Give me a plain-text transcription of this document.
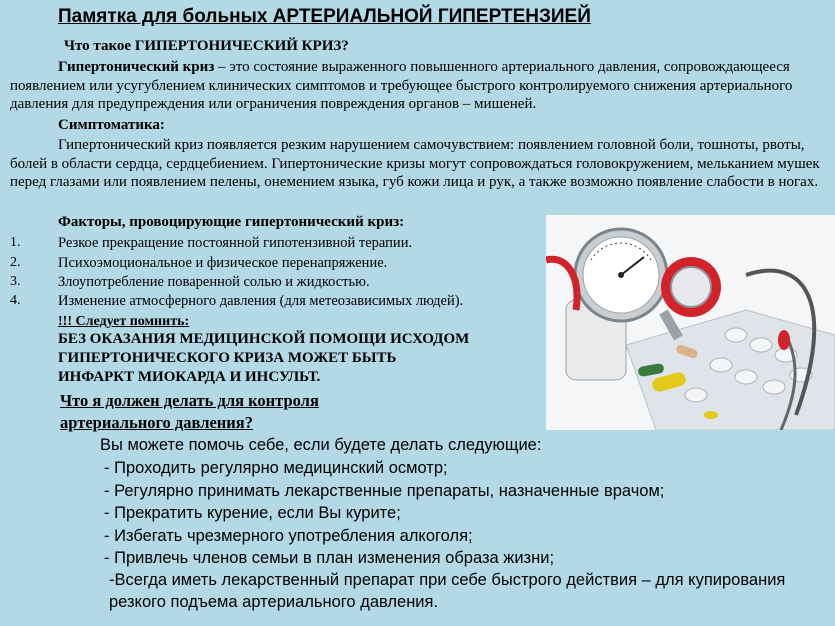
Памятка для больных АРТЕРИАЛЬНОЙ ГИПЕРТЕНЗИЕЙ
Что такое ГИПЕРТОНИЧЕСКИЙ КРИЗ?
Гипертонический криз – это состояние выраженного повышенного артериального давления, сопровождающееся появлением или усугублением клинических симптомов и требующее быстрого контролируемого снижения артериального давления для предупреждения или ограничения повреждения органов – мишеней.
Симптоматика:
Гипертонический криз появляется резким нарушением самочувствием: появлением головной боли, тошноты, рвоты, болей в области сердца, сердцебиением. Гипертонические кризы могут сопровождаться головокружением, мельканием мушек перед глазами или появлением пелены, онемением языка, губ кожи лица и рук, а также возможно появление слабости в ногах.
Факторы, провоцирующие гипертонический криз:
1.	Резкое прекращение постоянной гипотензивной терапии.
2.	Психоэмоциональное и физическое перенапряжение.
3.	Злоупотребление поваренной солью и жидкостью.
4.	Изменение атмосферного давления (для метеозависимых людей).
!!! Следует помнить:
БЕЗ ОКАЗАНИЯ МЕДИЦИНСКОЙ ПОМОЩИ ИСХОДОМ
ГИПЕРТОНИЧЕСКОГО КРИЗА МОЖЕТ БЫТЬ
ИНФАРКТ МИОКАРДА И ИНСУЛЬТ.
Что я должен делать для контроля
артериального давления?
Вы можете помочь себе, если будете делать следующие:
- Проходить регулярно медицинский осмотр;
- Регулярно принимать лекарственные препараты, назначенные врачом;
- Прекратить курение, если Вы курите;
- Избегать чрезмерного употребления алкоголя;
- Привлечь членов семьи в план изменения образа жизни;
-Всегда иметь лекарственный препарат при себе быстрого действия – для купирования
резкого подъема артериального давления.
